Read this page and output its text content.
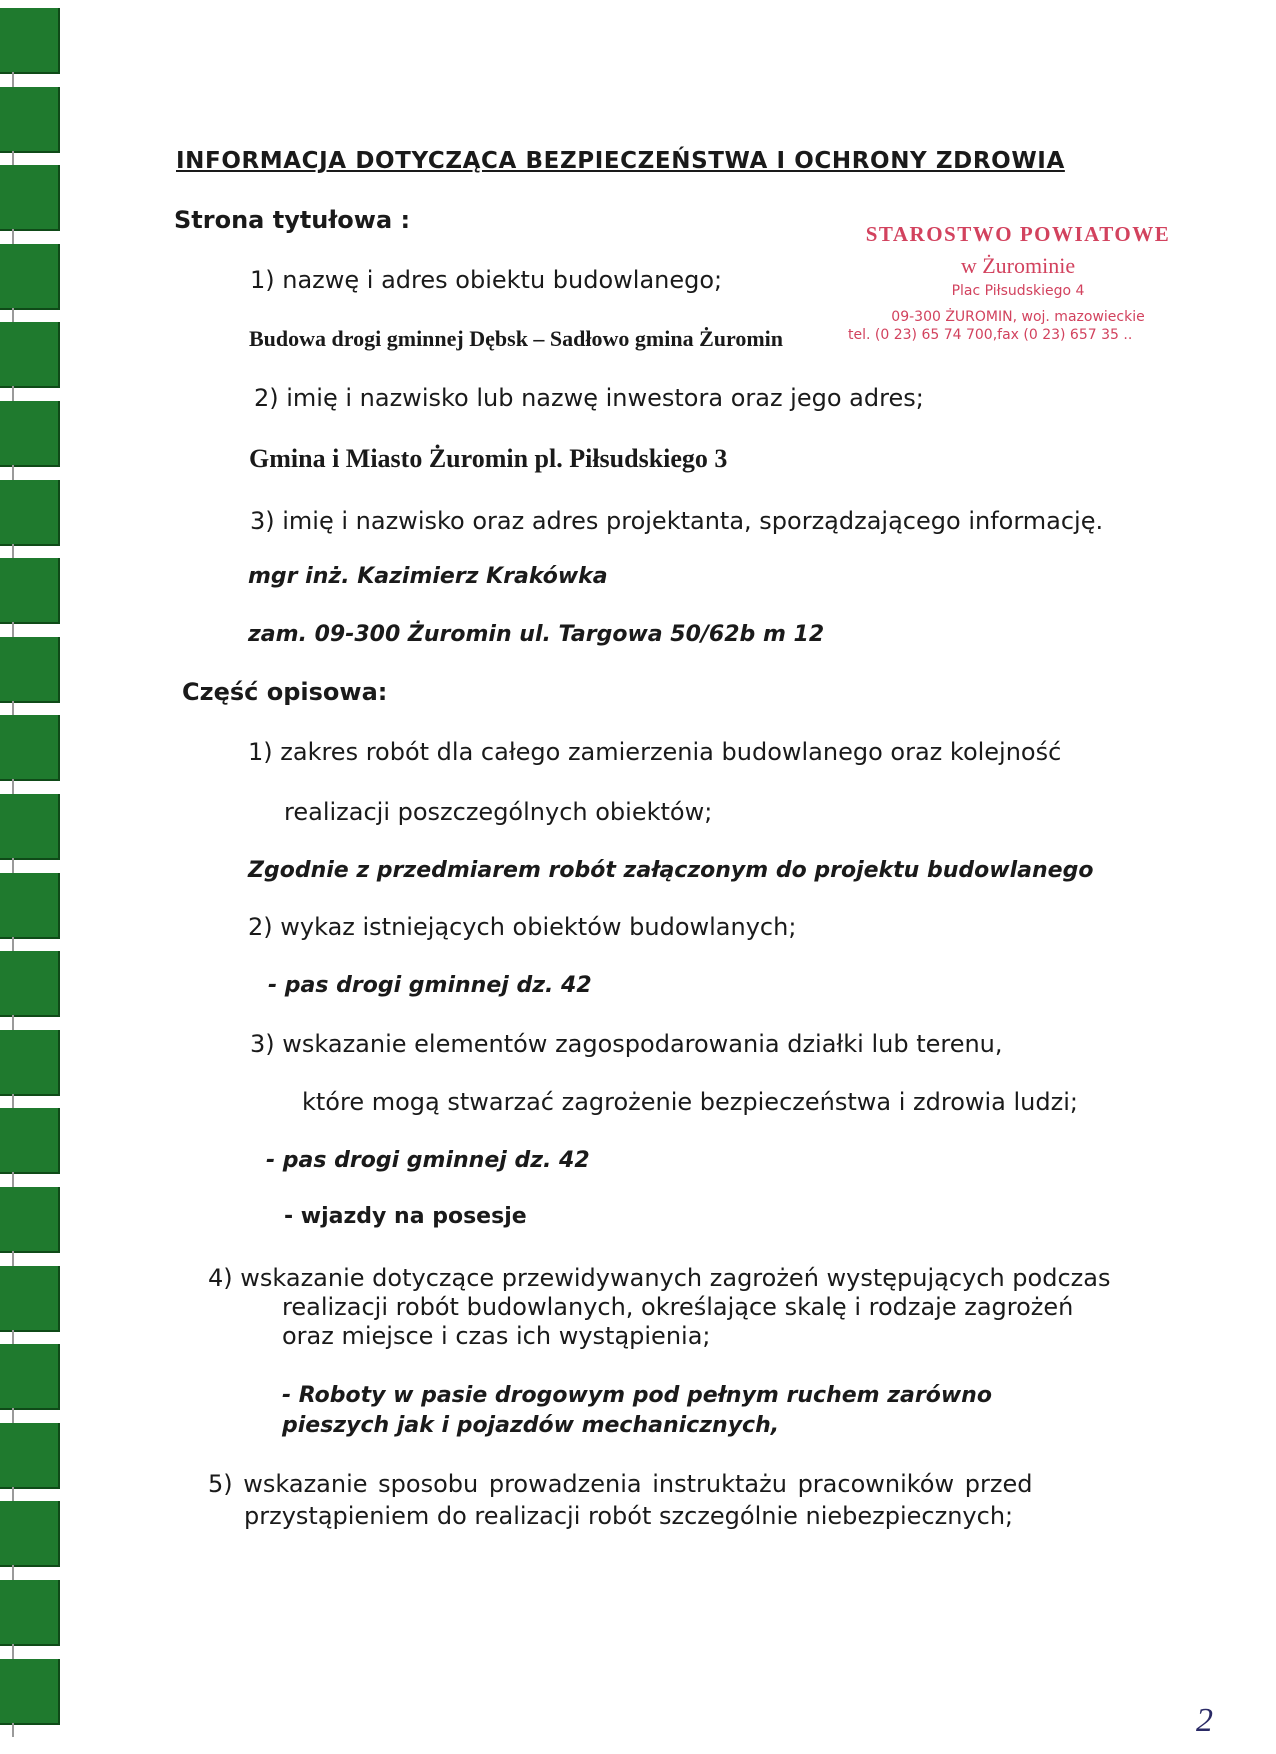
INFORMACJA DOTYCZĄCA BEZPIECZEŃSTWA I OCHRONY ZDROWIA
Strona tytułowa :
1) nazwę i adres obiektu budowlanego;
Budowa drogi gminnej Dębsk – Sadłowo gmina Żuromin
2) imię i nazwisko lub nazwę inwestora oraz jego adres;
Gmina i Miasto Żuromin pl. Piłsudskiego 3
3) imię i nazwisko oraz adres projektanta, sporządzającego informację.
mgr inż. Kazimierz Krakówka
zam. 09-300 Żuromin ul. Targowa 50/62b m 12
Część opisowa:
1) zakres robót dla całego zamierzenia budowlanego oraz kolejność
realizacji poszczególnych obiektów;
Zgodnie z przedmiarem robót załączonym do projektu budowlanego
2) wykaz istniejących obiektów budowlanych;
- pas drogi gminnej dz. 42
3) wskazanie elementów zagospodarowania działki lub terenu,
które mogą stwarzać zagrożenie bezpieczeństwa i zdrowia ludzi;
- pas drogi gminnej dz. 42
- wjazdy na posesje
4) wskazanie dotyczące przewidywanych zagrożeń występujących podczas
realizacji robót budowlanych, określające skalę i rodzaje zagrożeń
oraz miejsce i czas ich wystąpienia;
- Roboty w pasie drogowym pod pełnym ruchem zarówno
pieszych jak i pojazdów mechanicznych,
5) wskazanie sposobu prowadzenia instruktażu pracowników przed
przystąpieniem do realizacji robót szczególnie niebezpiecznych;
STAROSTWO POWIATOWE
w Żurominie
Plac Piłsudskiego 4
09-300 ŻUROMIN, woj. mazowieckie
tel. (0 23) 65 74 700,fax (0 23) 657 35 ..
2
